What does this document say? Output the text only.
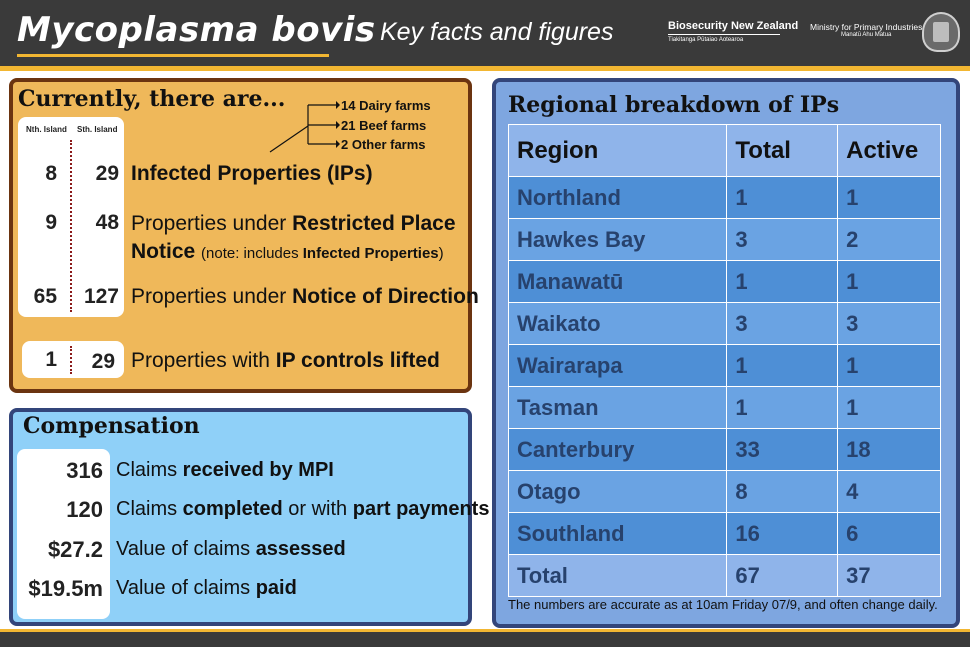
Mycoplasma bovis Key facts and figures	Biosecurity New Zealand
Tiakitanga Pūtaiao Aotearoa
Ministry for Primary Industries
Manatū Ahu Matua
Currently, there are...	14 Dairy farms
21 Beef farms
2 Other farms
Nth. Island Sth. Island
8	29 Infected Properties (IPs)
9	48 Properties under Restricted Place Notice (note: includes Infected Properties)
65	127 Properties under Notice of Direction
1	29 Properties with IP controls lifted
Compensation
316 Claims received by MPI
120 Claims completed or with part payments
$27.2 Value of claims assessed
$19.5m Value of claims paid
Regional breakdown of IPs
Region	Total	Active
Northland	1	1
Hawkes Bay	3	2
Manawatū	1	1
Waikato	3	3
Wairarapa	1	1
Tasman	1	1
Canterbury	33	18
Otago	8	4
Southland	16	6
Total	67	37
The numbers are accurate as at 10am Friday 07/9, and often change daily.
